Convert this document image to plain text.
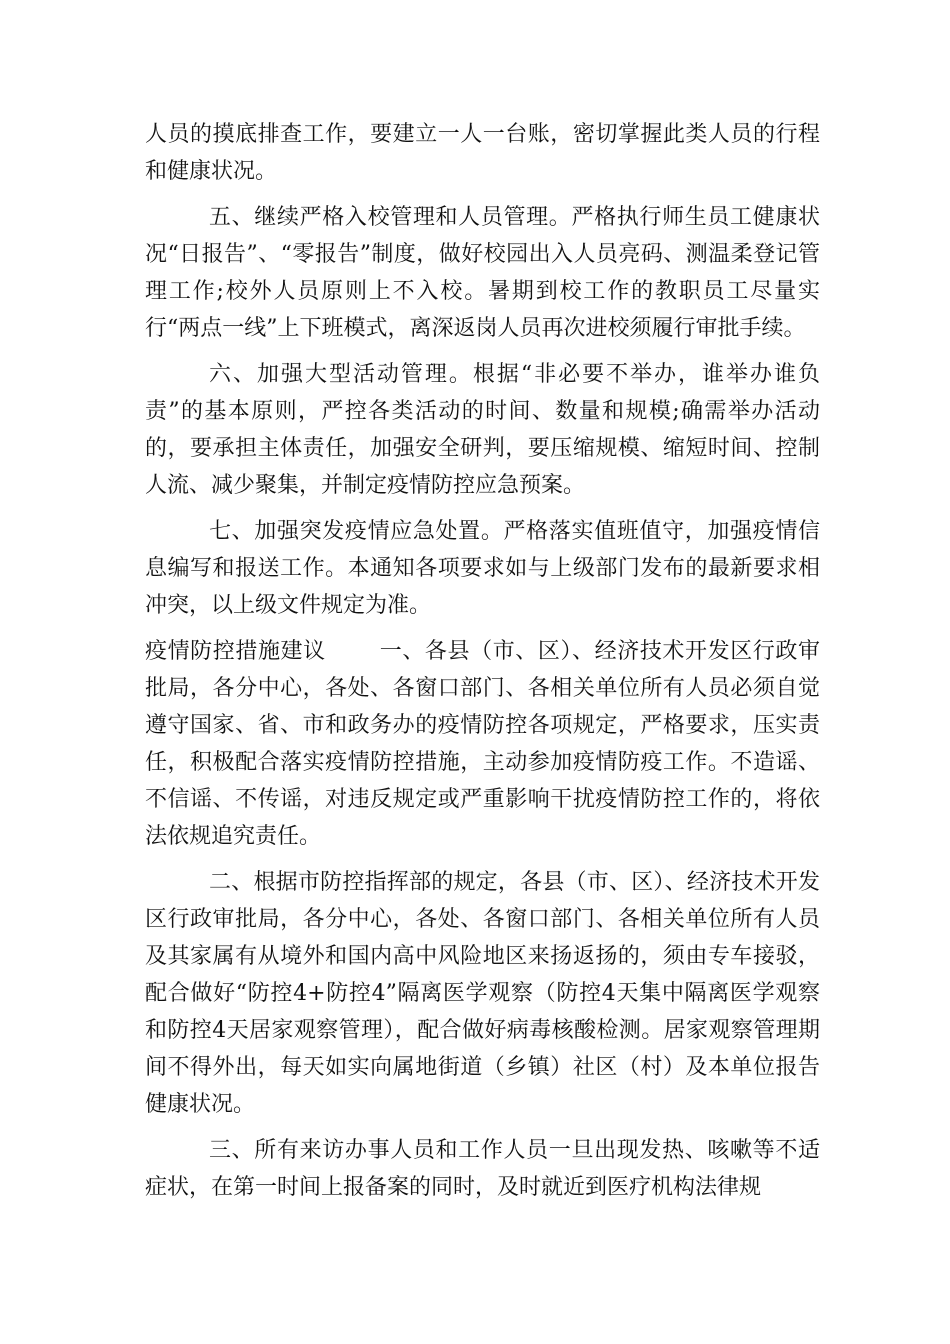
人员的摸底排查工作，要建立一人一台账，密切掌握此类人员的行程和健康状况。

五、继续严格入校管理和人员管理。严格执行师生员工健康状况“日报告”、“零报告”制度，做好校园出入人员亮码、测温柔登记管理工作;校外人员原则上不入校。暑期到校工作的教职员工尽量实行“两点一线”上下班模式，离深返岗人员再次进校须履行审批手续。

六、加强大型活动管理。根据“非必要不举办，谁举办谁负责”的基本原则，严控各类活动的时间、数量和规模;确需举办活动的，要承担主体责任，加强安全研判，要压缩规模、缩短时间、控制人流、减少聚集，并制定疫情防控应急预案。

七、加强突发疫情应急处置。严格落实值班值守，加强疫情信息编写和报送工作。本通知各项要求如与上级部门发布的最新要求相冲突，以上级文件规定为准。

疫情防控措施建议 一、各县（市、区）、经济技术开发区行政审批局，各分中心，各处、各窗口部门、各相关单位所有人员必须自觉遵守国家、省、市和政务办的疫情防控各项规定，严格要求，压实责任，积极配合落实疫情防控措施，主动参加疫情防疫工作。不造谣、不信谣、不传谣，对违反规定或严重影响干扰疫情防控工作的，将依法依规追究责任。

二、根据市防控指挥部的规定，各县（市、区）、经济技术开发区行政审批局，各分中心，各处、各窗口部门、各相关单位所有人员及其家属有从境外和国内高中风险地区来扬返扬的，须由专车接驳，配合做好“防控4+防控4”隔离医学观察（防控4天集中隔离医学观察和防控4天居家观察管理），配合做好病毒核酸检测。居家观察管理期间不得外出，每天如实向属地街道（乡镇）社区（村）及本单位报告健康状况。

三、所有来访办事人员和工作人员一旦出现发热、咳嗽等不适症状，在第一时间上报备案的同时，及时就近到医疗机构法律规
